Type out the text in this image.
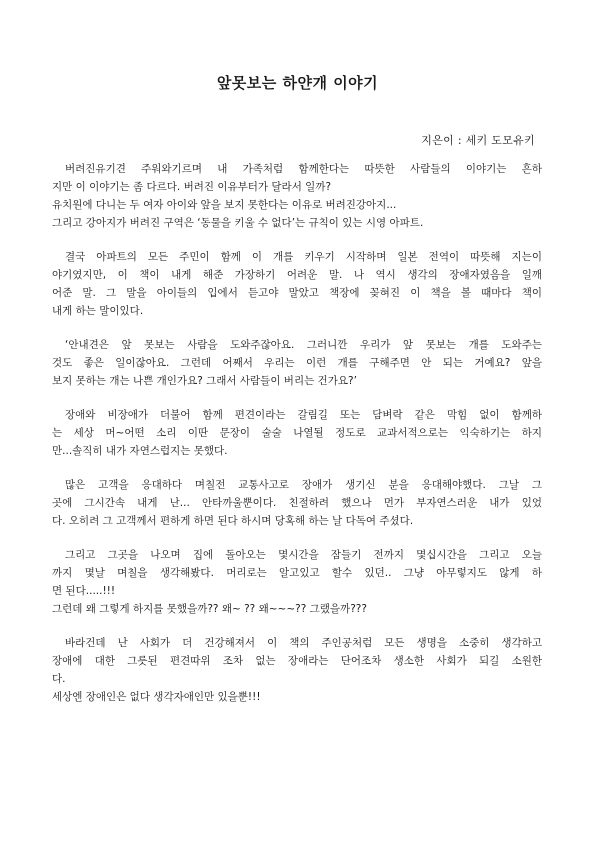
앞못보는 하얀개 이야기
지은이 : 세키 도모유키
버려진유기견 주워와기르며 내 가족처럼 함께한다는 따뜻한 사람들의 이야기는 흔하
지만 이 이야기는 좀 다르다. 버려진 이유부터가 달라서 일까?
유치원에 다니는 두 여자 아이와 앞을 보지 못한다는 이유로 버려진강아지...
그리고 강아지가 버려진 구역은 ‘동물을 키울 수 없다’는 규칙이 있는 시영 아파트.
결국 아파트의 모든 주민이 함께 이 개를 키우기 시작하며 일본 전역이 따뜻해 지는이
야기였지만, 이 책이 내게 해준 가장하기 어려운 말. 나 역시 생각의 장애자였음을 일깨
어준 말. 그 말을 아이들의 입에서 듣고야 말았고 책장에 꽂혀진 이 책을 볼 때마다 책이
내게 하는 말이있다.
‘안내견은 앞 못보는 사람을 도와주잖아요. 그러니깐 우리가 앞 못보는 개를 도와주는
것도 좋은 일이잖아요. 그런데 어째서 우리는 이런 개를 구해주면 안 되는 거예요? 앞을
보지 못하는 개는 나쁜 개인가요? 그래서 사람들이 버리는 건가요?’
장애와 비장애가 더불어 함께 편견이라는 갈림길 또는 담벼락 같은 막힘 없이 함께하
는 세상 머~어떤 소리 이딴 문장이 술술 나열될 정도로 교과서적으로는 익숙하기는 하지
만...솔직히 내가 자연스럽지는 못했다.
많은 고객을 응대하다 며칠전 교통사고로 장애가 생기신 분을 응대해야했다. 그날 그
곳에 그시간속 내게 난... 안타까울뿐이다. 친절하려 했으나 먼가 부자연스러운 내가 있었
다. 오히려 그 고객께서 편하게 하면 된다 하시며 당혹해 하는 날 다독여 주셨다.
그리고 그곳을 나오며 집에 돌아오는 몇시간을 잠들기 전까지 몇십시간을 그리고 오늘
까지 몇날 며칠을 생각해봤다. 머리로는 알고있고 할수 있던.. 그냥 아무렇지도 않게 하
면 된다.....!!!
그런데 왜 그렇게 하지를 못했을까?? 왜~ ?? 왜~~~?? 그랬을까???
바라건데 난 사회가 더 건강해져서 이 책의 주인공처럼 모든 생명을 소중히 생각하고
장애에 대한 그릇된 편견따위 조차 없는 장애라는 단어조차 생소한 사회가 되길 소원한
다.
세상엔 장애인은 없다 생각자애인만 있을뿐!!!
